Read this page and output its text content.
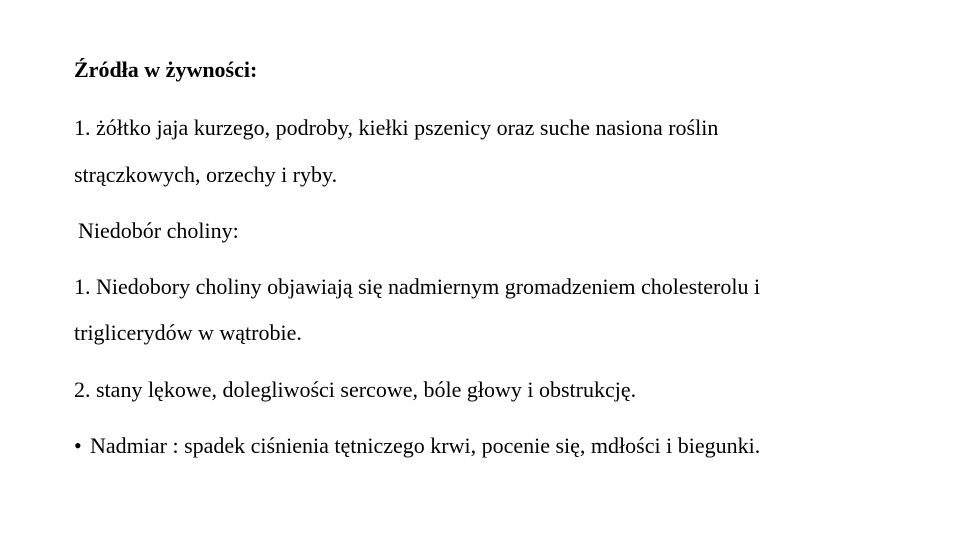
Źródła w żywności:
1. żółtko jaja kurzego, podroby, kiełki pszenicy oraz suche nasiona roślin
strączkowych, orzechy i ryby.
Niedobór choliny:
1. Niedobory choliny objawiają się nadmiernym gromadzeniem cholesterolu i
triglicerydów w wątrobie.
2. stany lękowe, dolegliwości sercowe, bóle głowy i obstrukcję.
• Nadmiar : spadek ciśnienia tętniczego krwi, pocenie się, mdłości i biegunki.
